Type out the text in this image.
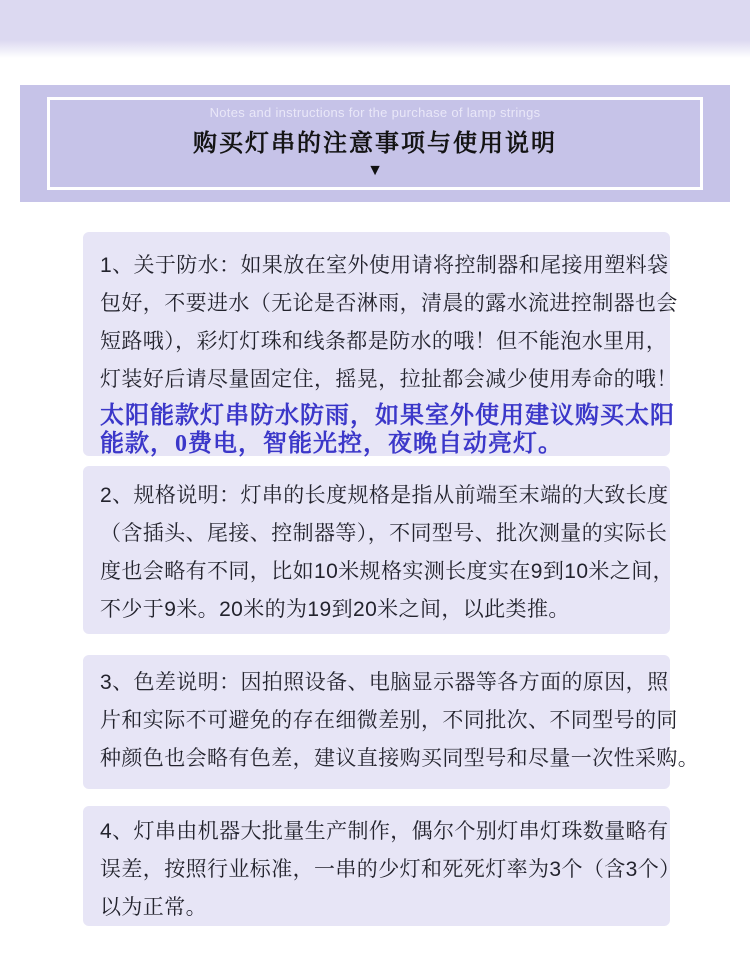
Notes and instructions for the purchase of lamp strings
购买灯串的注意事项与使用说明
▼
1、关于防水：如果放在室外使用请将控制器和尾接用塑料袋
包好，不要进水（无论是否淋雨，清晨的露水流进控制器也会
短路哦），彩灯灯珠和线条都是防水的哦！但不能泡水里用，
灯装好后请尽量固定住，摇晃，拉扯都会减少使用寿命的哦！
太阳能款灯串防水防雨，如果室外使用建议购买太阳
能款，0费电，智能光控，夜晚自动亮灯。
2、规格说明：灯串的长度规格是指从前端至末端的大致长度
（含插头、尾接、控制器等），不同型号、批次测量的实际长
度也会略有不同，比如10米规格实测长度实在9到10米之间，
不少于9米。20米的为19到20米之间，以此类推。
3、色差说明：因拍照设备、电脑显示器等各方面的原因，照
片和实际不可避免的存在细微差别，不同批次、不同型号的同
种颜色也会略有色差，建议直接购买同型号和尽量一次性采购。
4、灯串由机器大批量生产制作，偶尔个别灯串灯珠数量略有
误差，按照行业标准，一串的少灯和死死灯率为3个（含3个）
以为正常。
